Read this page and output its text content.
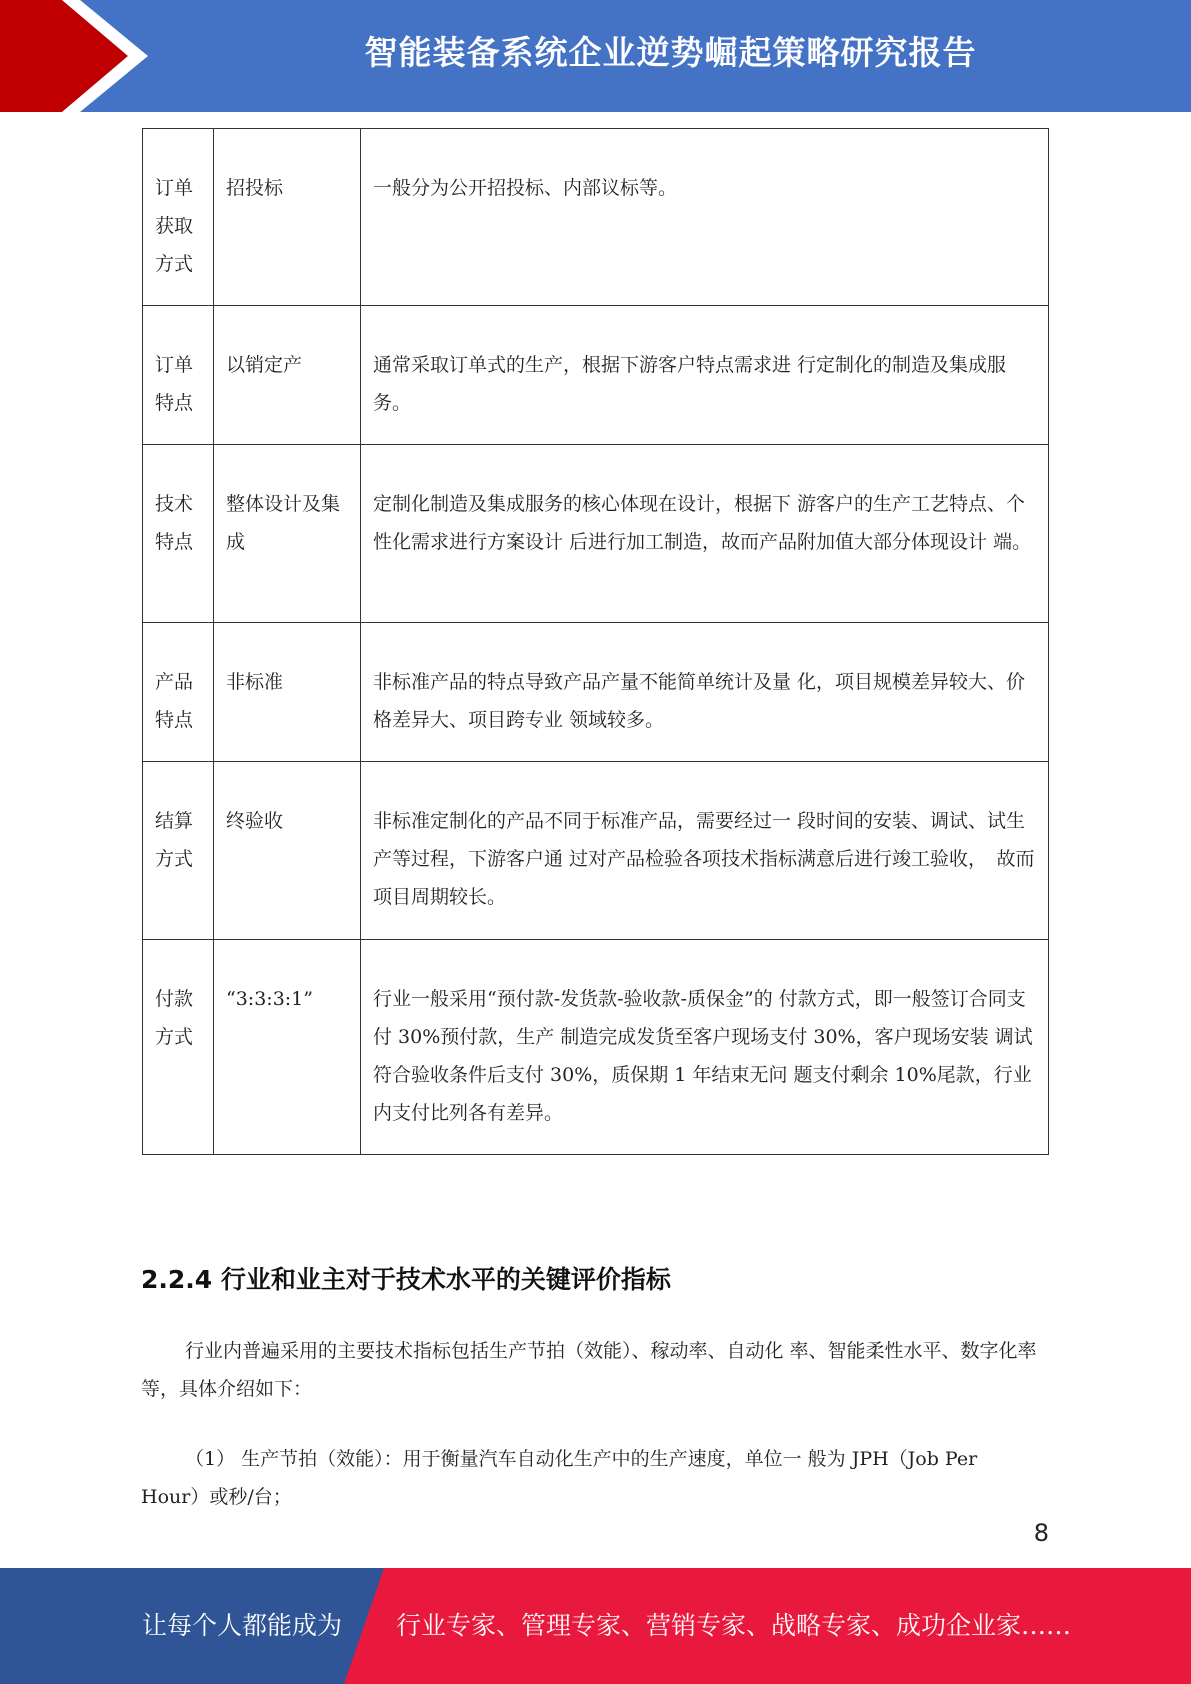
智能装备系统企业逆势崛起策略研究报告
订单获取方式	招投标	一般分为公开招投标、内部议标等。
订单特点	以销定产	通常采取订单式的生产，根据下游客户特点需求进 行定制化的制造及集成服务。
技术特点	整体设计及集成	定制化制造及集成服务的核心体现在设计，根据下 游客户的生产工艺特点、个性化需求进行方案设计 后进行加工制造，故而产品附加值大部分体现设计 端。
产品特点	非标准	非标准产品的特点导致产品产量不能简单统计及量 化，项目规模差异较大、价格差异大、项目跨专业 领域较多。
结算方式	终验收	非标准定制化的产品不同于标准产品，需要经过一 段时间的安装、调试、试生产等过程，下游客户通 过对产品检验各项技术指标满意后进行竣工验收，　故而项目周期较长。
付款方式	“3:3:3:1”	行业一般采用“预付款-发货款-验收款-质保金”的 付款方式，即一般签订合同支付 30%预付款，生产 制造完成发货至客户现场支付 30%，客户现场安装 调试符合验收条件后支付 30%，质保期 1 年结束无问 题支付剩余 10%尾款，行业内支付比列各有差异。
2.2.4 行业和业主对于技术水平的关键评价指标
行业内普遍采用的主要技术指标包括生产节拍（效能）、稼动率、自动化 率、智能柔性水平、数字化率等，具体介绍如下：
（1） 生产节拍（效能）：用于衡量汽车自动化生产中的生产速度，单位一 般为 JPH（Job Per Hour）或秒/台；
8
让每个人都能成为 行业专家、管理专家、营销专家、战略专家、成功企业家……
